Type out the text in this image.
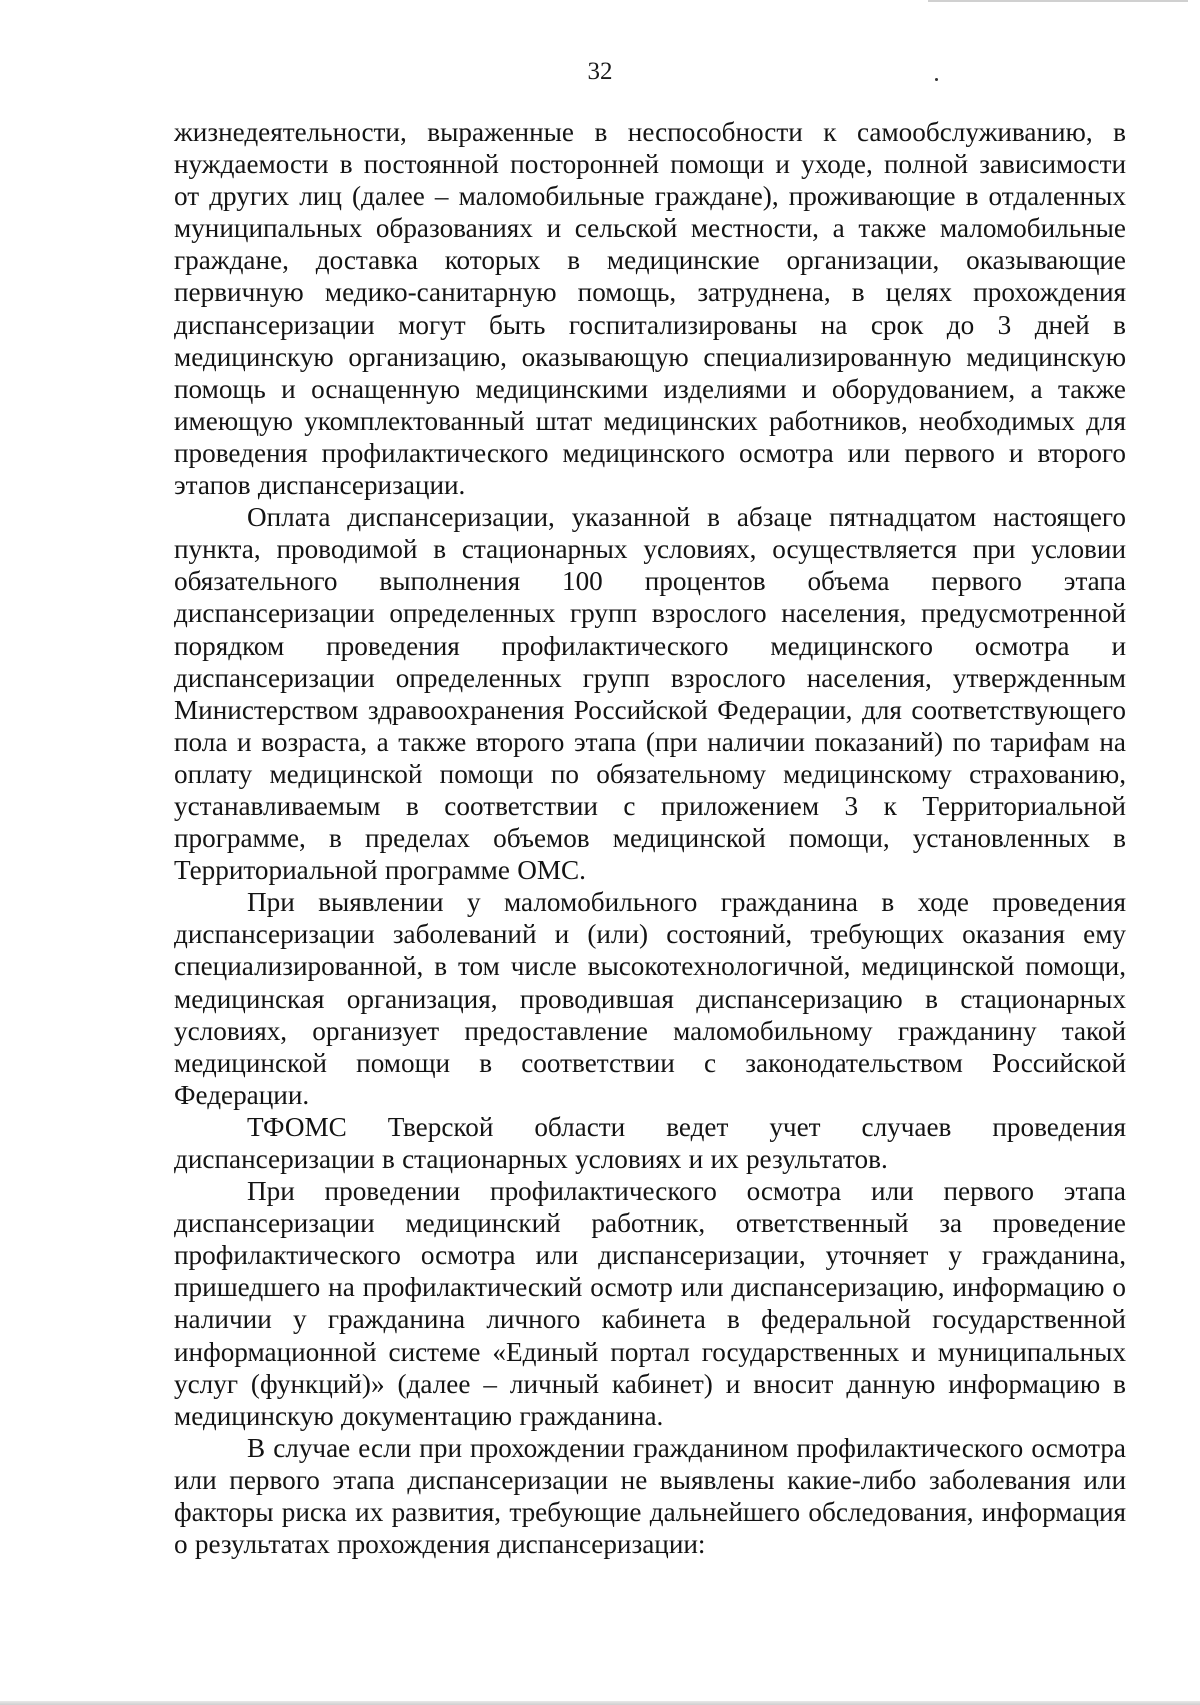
32

жизнедеятельности, выраженные в неспособности к самообслуживанию, в нуждаемости в постоянной посторонней помощи и уходе, полной зависимости от других лиц (далее – маломобильные граждане), проживающие в отдаленных муниципальных образованиях и сельской местности, а также маломобильные граждане, доставка которых в медицинские организации, оказывающие первичную медико-санитарную помощь, затруднена, в целях прохождения диспансеризации могут быть госпитализированы на срок до 3 дней в медицинскую организацию, оказывающую специализированную медицинскую помощь и оснащенную медицинскими изделиями и оборудованием, а также имеющую укомплектованный штат медицинских работников, необходимых для проведения профилактического медицинского осмотра или первого и второго этапов диспансеризации.

Оплата диспансеризации, указанной в абзаце пятнадцатом настоящего пункта, проводимой в стационарных условиях, осуществляется при условии обязательного выполнения 100 процентов объема первого этапа диспансеризации определенных групп взрослого населения, предусмотренной порядком проведения профилактического медицинского осмотра и диспансеризации определенных групп взрослого населения, утвержденным Министерством здравоохранения Российской Федерации, для соответствующего пола и возраста, а также второго этапа (при наличии показаний) по тарифам на оплату медицинской помощи по обязательному медицинскому страхованию, устанавливаемым в соответствии с приложением 3 к Территориальной программе, в пределах объемов медицинской помощи, установленных в Территориальной программе ОМС.

При выявлении у маломобильного гражданина в ходе проведения диспансеризации заболеваний и (или) состояний, требующих оказания ему специализированной, в том числе высокотехнологичной, медицинской помощи, медицинская организация, проводившая диспансеризацию в стационарных условиях, организует предоставление маломобильному гражданину такой медицинской помощи в соответствии с законодательством Российской Федерации.

ТФОМС Тверской области ведет учет случаев проведения диспансеризации в стационарных условиях и их результатов.

При проведении профилактического осмотра или первого этапа диспансеризации медицинский работник, ответственный за проведение профилактического осмотра или диспансеризации, уточняет у гражданина, пришедшего на профилактический осмотр или диспансеризацию, информацию о наличии у гражданина личного кабинета в федеральной государственной информационной системе «Единый портал государственных и муниципальных услуг (функций)» (далее – личный кабинет) и вносит данную информацию в медицинскую документацию гражданина.

В случае если при прохождении гражданином профилактического осмотра или первого этапа диспансеризации не выявлены какие-либо заболевания или факторы риска их развития, требующие дальнейшего обследования, информация о результатах прохождения диспансеризации:
